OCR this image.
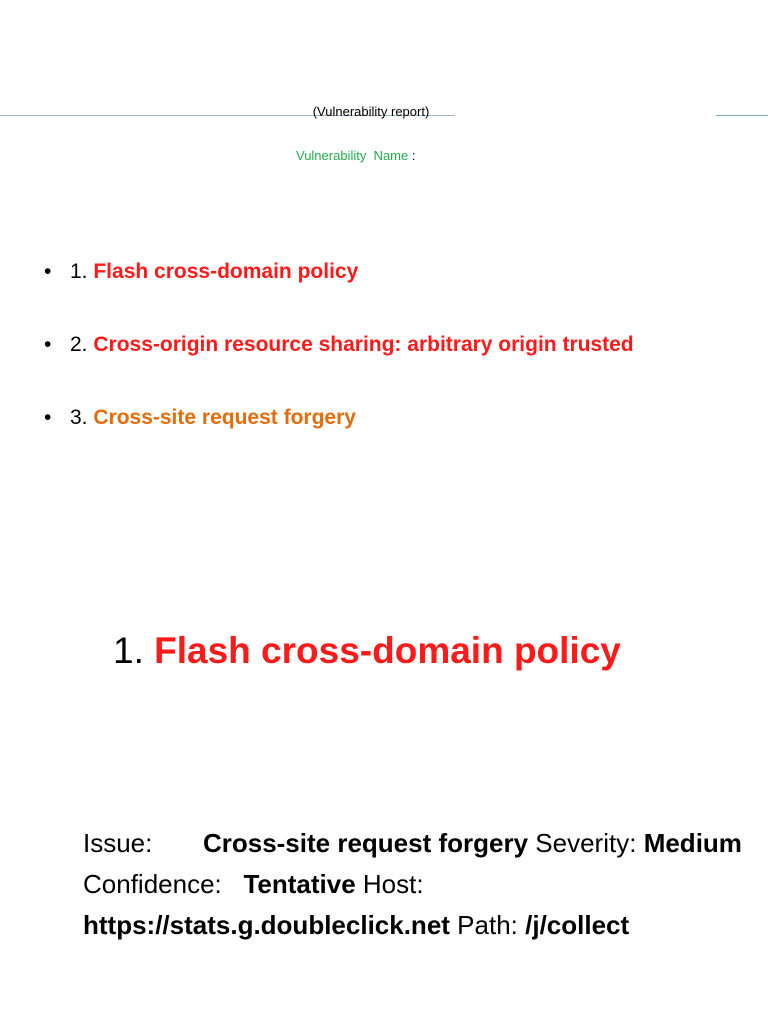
(Vulnerability report)
Vulnerability  Name :
• 1. Flash cross-domain policy
• 2. Cross-origin resource sharing: arbitrary origin trusted
• 3. Cross-site request forgery
1. Flash cross-domain policy
Issue: Cross-site request forgery Severity: Medium Confidence: Tentative Host: https://stats.g.doubleclick.net Path: /j/collect
